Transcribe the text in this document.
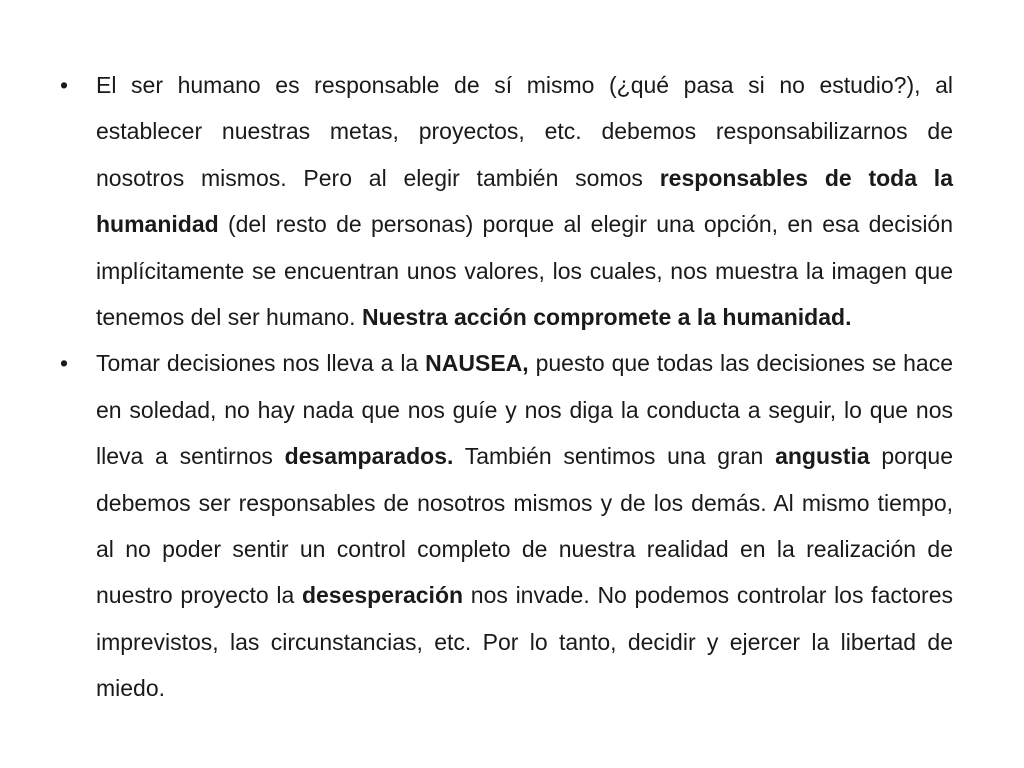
•	El ser humano es responsable de sí mismo (¿qué pasa si no estudio?), al establecer nuestras metas, proyectos, etc. debemos responsabilizarnos de nosotros mismos. Pero al elegir también somos responsables de toda la humanidad (del resto de personas) porque al elegir una opción, en esa decisión implícitamente se encuentran unos valores, los cuales, nos muestra la imagen que tenemos del ser humano. Nuestra acción compromete a la humanidad.
•	Tomar decisiones nos lleva a la NAUSEA, puesto que todas las decisiones se hace en soledad, no hay nada que nos guíe y nos diga la conducta a seguir, lo que nos lleva a sentirnos desamparados. También sentimos una gran angustia porque debemos ser responsables de nosotros mismos y de los demás. Al mismo tiempo, al no poder sentir un control completo de nuestra realidad en la realización de nuestro proyecto la desesperación nos invade. No podemos controlar los factores imprevistos, las circunstancias, etc. Por lo tanto, decidir y ejercer la libertad de miedo.
